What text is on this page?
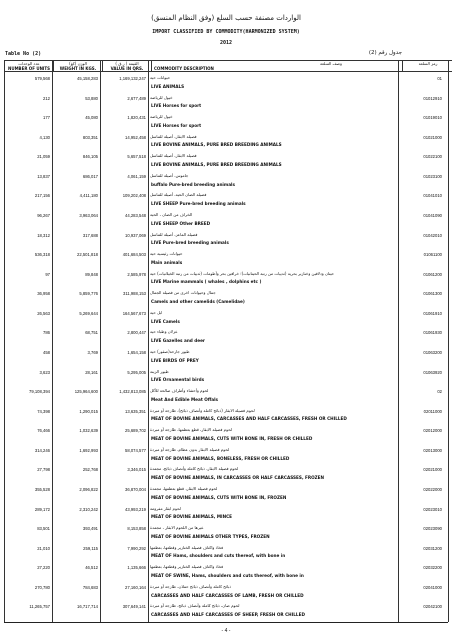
الواردات مصنفة حسب السلع (وفق النظام المنسق)
IMPORT CLASSIFIED BY COMMODITY(HARMONIZED SYSTEM)
2012
Table No (2)	جدول رقم (2)
عدد الوحدات
NUMBER OF UNITS

الوزن (كغ)
WEIGHT IN KGS.

القيمة ( ر.ق )
VALUE IN QRS.

وصف السلعة
COMMODITY DESCRIPTION

رمز السلعة

579,568	45,158,283	1,169,132,247 حيوانات حية
LIVE ANIMALS
01
212	53,880	2,677,489 خيول للرياضة
LIVE Horses for sport
01012910
177	45,080	1,820,431 خيول للرياضة
LIVE Horses for sport
01019010
4,130	803,351	14,952,458 فصيلة الابقار، أصيلة للتناسل
LIVE BOVINE ANIMALS, PURE BRED BREEDING ANIMALS
01021000
21,059	846,105	5,657,518 فصيلة الابقار، أصيلة للتناسل
LIVE BOVINE ANIMALS, PURE BRED BREEDING ANIMALS
01022100
13,837	686,017	4,061,159 جاموس، أصيلة للتناسل
buffalo Pure-bred breeding animals
01023100
217,156	4,411,180	109,202,408 فصيلة الضان الحية، أصيلة للتناسل
LIVE SHEEP Pure-bred breeding animals
01041010
96,267	3,963,064	44,283,548 الخراف من الضان ، الحية
LIVE SHEEP Other BREED
01041090
18,312	317,688	10,937,069 فصيلة الماعز، أصيلة للتناسل
LIVE Pure-bred breeding animals
01042010
536,318	22,501,818	401,684,503 حيوانات رئيسية حية
Main animals
01061100
97	89,848	2,585,978 حيتان ودلافين وخنازير بحرية (ثدييات من رتبة الحيتانيات)؛ خرافين بحر وأطومات (ثدييات من رتبة الخيلانيات) حية
LIVE Marine mammals ( whales , dolphins etc )
01061200
36,958	5,859,776	311,988,153 جمال وحيوانات اخرى من فصيلة الجمال
Camels and other camelids (Camelidae)
01061300
26,563	5,269,644	164,567,673 ابل حية
LIVE Camels
01061910
786	68,751	2,800,447 غزلان وظباء حية
LIVE Gazelles and deer
01061930
458	3,769	1,654,158 طيور جارحة(صقور) حية
LIVE BIRDS OF PREY
01063200
3,623	28,161	5,295,005 طيور الزينة
LIVE Ornamental birds
01063920
79,108,394	125,964,600	1,432,813,085 لحوم وأحشاء وأطراف صالحة للأكل
Meat And Edible Meat Offals
02
74,398	1,290,015	13,635,351 لحوم فصيلة الابقار (ذبائح كاملة وأنصاف ذبائح)، طازجة أو مبردة
MEAT OF BOVINE ANIMALS, CARCASSES AND HALF CARCASSES, FRESH OR CHILLED
02011000
76,466	1,032,639	25,689,702 لحوم فصيلة الابقار، قطع بعظمها، طازجة أو مبردة
MEAT OF BOVINE ANIMALS, CUTS WITH BONE IN, FRESH OR CHILLED
02012000
314,246	1,692,993	58,074,577 لحوم فصيلة الابقار بدون عظام، طازجة أو مبردة
MEAT OF BOVINE ANIMALS, BONELESS, FRESH OR CHILLED
02013000
27,798	252,768	3,346,015 لحوم فصيلة الابقار، ذبائح كاملة وأنصاف ذبائح، مجمدة
MEAT OF BOVINE ANIMALS, IN CARCASSES OR HALF CARCASSES, FROZEN
02021000
355,528	2,096,822	36,870,004 لحوم فصيلة الابقار، قطع بعظمها، مجمدة
MEAT OF BOVINE ANIMALS, CUTS WITH BONE IN, FROZEN
02022000
289,172	2,310,242	43,993,219 لحوم ابقار مفرومة
MEAT OF BOVINE ANIMALS, MINCE
02023010
83,501	393,491	8,153,858 غيرها من اللحوم الابقار ، مجمدة
MEAT OF BOVINE ANIMALS OTHER TYPES, FROZEN
02023090
21,010	259,115	7,990,292 فخاذ واكتاف فصيلة الخنازير وقطعها، بعظمها
MEAT OF Hams, shoulders and cuts thereof, with bone in
02031200
27,220	46,512	1,135,666 فخاذ واكتاف فصيلة الخنازير وقطعها، بعظمها
MEAT OF SWINE, Hams, shoulders and cuts thereof, with bone in
02032200
270,780	784,683	27,160,164 ذبائح كاملة وأنصاف ذبائح حملان، طازجة أو مبردة
CARCASSES AND HALF CARCASSES OF LAMB, FRESH OR CHILLED
02041000
11,265,757	16,717,714	307,649,141 لحوم ضان، ذبائح كاملة وأنصاف ذبائح، طازجة أو مبردة
CARCASSES AND HALF CARCASSES OF SHEEP, FRESH OR CHILLED
02042100
- 4 -
